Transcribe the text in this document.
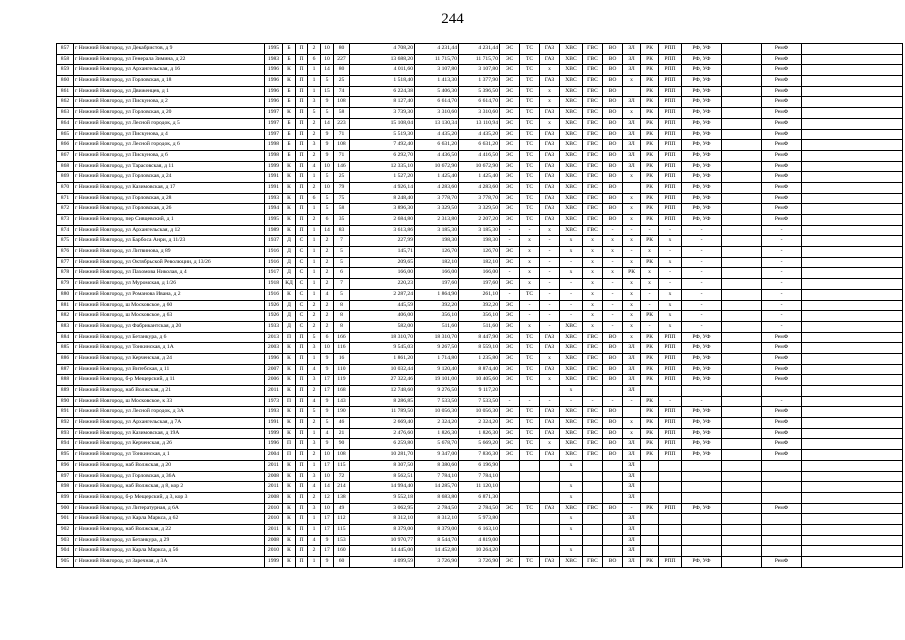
244
857	г Нижний Новгород, ул Декабристов, д 9	1995	Б	П	2	10	80	4 708,20	4 231,44	4 231,44	ЭС	ТС	ГАЗ	ХВС	ГВС	ВО	ЗЛ	РК	РПП	РФ, УФ		РемФ	
858	г Нижний Новгород, ул Генерала Зимина, д 22	1983	Б	П	6	10	227	13 688,20	11 715,70	11 715,70	ЭС	ТС	ГАЗ	ХВС	ГВС	ВО	ЗЛ	РК	РПП	РФ, УФ		РемФ	
859	г Нижний Новгород, ул Архангельская, д 16	1996	К	П	1	14	80	4 011,60	3 107,80	3 107,80	ЭС	ТС	х	ХВС	ГВС	ВО	ЗЛ	РК	РПП	РФ, УФ		РемФ	
860	г Нижний Новгород, ул Горловская, д 18	1996	К	П	1	5	25	1 518,40	1 413,30	1 377,90	ЭС	ТС	ГАЗ	ХВС	ГВС	ВО	х	РК	РПП	РФ, УФ		РемФ	
861	г Нижний Новгород, ул Движенцев, д 1	1996	Б	П	1	15	74	6 224,38	5 406,30	5 396,50	ЭС	ТС	х	ХВС	ГВС	ВО		РК	РПП	РФ, УФ		РемФ	
862	г Нижний Новгород, ул Пискунова, д 2	1996	Б	П	3	9	108	8 127,40	6 614,70	6 614,70	ЭС	ТС	х	ХВС	ГВС	ВО	ЗЛ	РК	РПП	РФ, УФ		РемФ	
863	г Нижний Новгород, ул Горловская, д 20	1997	К	П	5	5	58	3 739,30	3 310,60	3 310,60	ЭС	ТС	ГАЗ	ХВС	ГВС	ВО	х	РК	РПП	РФ, УФ		РемФ	
864	г Нижний Новгород, ул Лесной городок, д 5	1997	Б	П	2	14	223	15 108,04	13 130,34	13 110,94	ЭС	ТС	х	ХВС	ГВС	ВО	ЗЛ	РК	РПП	РФ, УФ		РемФ	
865	г Нижний Новгород, ул Пискунова, д 4	1997	Б	П	2	9	71	5 519,30	4 435,20	4 435,20	ЭС	ТС	ГАЗ	ХВС	ГВС	ВО	ЗЛ	РК	РПП	РФ, УФ		РемФ	
866	г Нижний Новгород, ул Лесной городок, д 6	1998	Б	П	3	9	108	7 492,40	6 631,20	6 631,20	ЭС	ТС	ГАЗ	ХВС	ГВС	ВО	ЗЛ	РК	РПП	РФ, УФ		РемФ	
867	г Нижний Новгород, ул Пискунова, д 6	1998	Б	П	2	9	71	6 292,70	4 436,50	4 416,50	ЭС	ТС	ГАЗ	ХВС	ГВС	ВО	ЗЛ	РК	РПП	РФ, УФ		РемФ	
868	г Нижний Новгород, ул Тарасовская, д 11	1999	К	П	4	10	146	12 335,10	10 672,90	10 672,90	ЭС	ТС	ГАЗ	ХВС	ГВС	ВО	ЗЛ	РК	РПП	РФ, УФ		РемФ	
869	г Нижний Новгород, ул Горловская, д 24	1991	К	П	1	5	25	1 527,20	1 425,40	1 425,40	ЭС	ТС	ГАЗ	ХВС	ГВС	ВО	х	РК	РПП	РФ, УФ		РемФ	
870	г Нижний Новгород, ул Казимовская, д 17	1991	К	П	2	10	79	4 926,14	4 283,60	4 283,60	ЭС	ТС	ГАЗ	ХВС	ГВС	ВО		РК	РПП	РФ, УФ		РемФ	
871	г Нижний Новгород, ул Горловская, д 28	1993	К	П	6	5	75	8 248,40	3 778,70	3 778,70	ЭС	ТС	ГАЗ	ХВС	ГВС	ВО	х	РК	РПП	РФ, УФ		РемФ	
872	г Нижний Новгород, ул Горловская, д 26	1994	К	П	1	5	58	3 896,30	3 329,50	3 329,50	ЭС	ТС	ГАЗ	ХВС	ГВС	ВО	х	РК	РПП	РФ, УФ		РемФ	
873	г Нижний Новгород, пер Сивцевский, д 1	1995	К	П	2	6	35	2 684,80	2 313,80	2 207,20	ЭС	ТС	ГАЗ	ХВС	ГВС	ВО	х	РК	РПП	РФ, УФ		РемФ	
874	г Нижний Новгород, ул Архангельская, д 12	1989	К	П	1	14	83	3 613,86	3 185,30	3 185,30	-	-	х	ХВС	ГВС	-	-	-	-	-		-	
875	г Нижний Новгород, ул Барбоса Анри, д 11/23	1937	Д	С	1	2	7	227,99	198,30	198,30	-	х	-	х	х	х	х	РК	х	-		-	
876	г Нижний Новгород, ул Литвинова, д 89	1916	Д	С	1	2	5	145,71	126,70	126,70	ЭС	х	-	х	х	х	-	х	-	-		-	
877	г Нижний Новгород, ул Октябрьской Революции, д 13/26	1916	Д	С	1	2	5	209,65	182,10	182,10	ЭС	х	-	-	х	-	х	РК	х	-		-	
878	г Нижний Новгород, ул Пахомова Николая, д 4	1917	Д	С	1	2	6	166,00	166,00	166,00	-	х	-	х	х	х	РК	х	-	-		-	
879	г Нижний Новгород, ул Муромская, д 1/26	1918	КД	С	1	2	7	220,23	197,60	197,60	ЭС	х	-	-	х	-	х	х	-	-		-	
880	г Нижний Новгород, ул Романова Ивана, д 2	1916	К	С	1	4	5	2 287,24	1 864,90	261,10	-	ТС	-	-	х	-	х	-	х	-		-	
881	г Нижний Новгород, ш Московское, д 60	1926	Д	С	2	2	8	445,59	392,20	392,20	ЭС	-	-	-	х	-	х	-	х	-		-	
882	г Нижний Новгород, ш Московское, д 63	1926	Д	С	2	2	8	406,00	356,10	356,10	ЭС	-	-	-	х	-	х	РК	х	-		-	
883	г Нижний Новгород, ул Фабрикантская, д 20	1933	Д	С	2	2	8	582,00	511,60	511,60	ЭС	х	-	ХВС	х	-	х	-	х	-		-	
884	г Нижний Новгород, ул Бетанкура, д 6	2013	П	П	5	6	166	18 310,70	18 310,70	8 447,90	ЭС	ТС	ГАЗ	ХВС	ГВС	ВО	х	РК	РПП	РФ, УФ		РемФ	
885	г Нижний Новгород, ул Тонкинская, д 1А	2003	К	П	3	10	116	9 545,03	9 267,50	8 559,10	ЭС	ТС	ГАЗ	ХВС	ГВС	ВО	ЗЛ	РК	РПП	РФ, УФ		РемФ	
886	г Нижний Новгород, ул Керченская, д 24	1996	К	П	1	9	16	1 861,20	1 714,80	1 235,80	ЭС	ТС	х	ХВС	ГВС	ВО	ЗЛ	РК	РПП	РФ, УФ		РемФ	
887	г Нижний Новгород, ул Витебская, д 11	2007	К	П	4	9	110	10 032,44	9 120,40	8 874,40	ЭС	ТС	ГАЗ	ХВС	ГВС	ВО	ЗЛ	РК	РПП	РФ, УФ		РемФ	
888	г Нижний Новгород, б-р Мещерский, д 11	2006	К	П	3	17	119	27 322,46	19 101,00	10 405,60	ЭС	ТС	х	ХВС	ГВС	ВО	ЗЛ	РК	РПП	РФ, УФ		РемФ	
889	г Нижний Новгород, наб Волжская, д 21	2011	К	П	2	17	168	12 748,60	9 276,50	9 117,20				х			ЗЛ						
890	г Нижний Новгород, ш Московское, к 33	1973	П	П	4	9	143	8 286,85	7 533,50	7 533,50	-	-	-	-	-	-	-	РК	-	-		-	
891	г Нижний Новгород, ул Лесной городок, д 3А	1993	К	П	5	9	190	11 789,50	10 056,30	10 056,30	ЭС	ТС	ГАЗ	ХВС	ГВС	ВО		РК	РПП	РФ, УФ		РемФ	
892	г Нижний Новгород, ул Архангельская, д 7А	1991	К	П	2	5	46	2 669,40	2 324,20	2 324,20	ЭС	ТС	ГАЗ	ХВС	ГВС	ВО	х	РК	РПП	РФ, УФ		РемФ	
893	г Нижний Новгород, ул Казимовская, д 19А	1999	К	П	1	4	21	2 476,60	1 826,30	1 826,30	ЭС	ТС	ГАЗ	ХВС	ГВС	ВО	х	РК	РПП	РФ, УФ		РемФ	
894	г Нижний Новгород, ул Керченская, д 26	1996	П	П	3	9	90	6 259,80	5 678,70	5 669,20	ЭС	ТС	х	ХВС	ГВС	ВО	ЗЛ	РК	РПП	РФ, УФ		РемФ	
895	г Нижний Новгород, ул Тонкинская, д 1	2004	П	П	2	10	108	10 281,70	9 347,00	7 836,30	ЭС	ТС	ГАЗ	ХВС	ГВС	ВО	ЗЛ	РК	РПП	РФ, УФ		РемФ	
896	г Нижний Новгород, наб Волжская, д 20	2011	К	П	1	17	115	8 307,50	8 380,60	6 196,90				х			ЗЛ						
897	г Нижний Новгород, ул Горловская, д 36А	2008	К	П	3	10	72	8 562,51	7 784,10	7 784,10							ЗЛ						
898	г Нижний Новгород, наб Волжская, д 8, кор 2	2011	К	П	4	14	214	14 994,40	14 285,70	11 120,10				х			ЗЛ						
899	г Нижний Новгород, б-р Мещерский, д 3, кор 3	2008	К	П	2	12	138	9 552,18	8 683,80	6 871,30				х			ЗЛ						
900	г Нижний Новгород, ул Литературная, д 6А	2010	К	П	3	10	49	3 062,95	2 784,50	2 784,50	ЭС	ТС	ГАЗ	ХВС	ГВС	ВО	-	РК	РПП	РФ, УФ		РемФ	
901	г Нижний Новгород, ул Карла Маркса, д 62	2010	К	П	1	17	112	8 312,10	8 312,10	5 973,80				х			ЗЛ						
902	г Нижний Новгород, наб Волжская, д 22	2011	К	П	1	17	115	8 379,00	8 379,00	6 163,10				х			ЗЛ						
903	г Нижний Новгород, ул Бетанкура, д 29	2008	К	П	4	9	153	10 970,77	8 544,70	4 819,00							ЗЛ						
904	г Нижний Новгород, ул Карла Маркса, д 56	2010	К	П	2	17	160	14 445,00	14 452,80	10 264,20				х			ЗЛ						
905	г Нижний Новгород, ул Заречная, д 3А	1999	К	П	1	9	60	4 099,59	3 726,90	3 726,90	ЭС	ТС	ГАЗ	ХВС	ГВС	ВО	ЗЛ	РК	РПП	РФ, УФ		РемФ	
